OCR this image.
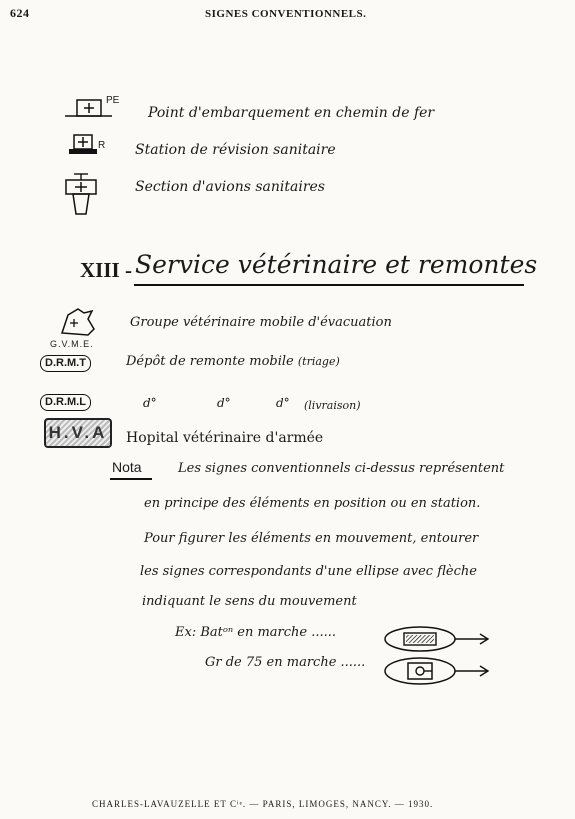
624	SIGNES CONVENTIONNELS.
PE
Point d'embarquement en chemin de fer
R Station de révision sanitaire
Section d'avions sanitaires
XIII - Service vétérinaire et remontes
G.V.M.E.
Groupe vétérinaire mobile d'évacuation
D.R.M.T	Dépôt de remonte mobile (triage)
D.R.M.L	d°	d°	d° (livraison)
H.V.A Hopital vétérinaire d'armée
Nota	Les signes conventionnels ci-dessus représentent
en principe des éléments en position ou en station.
Pour figurer les éléments en mouvement, entourer
les signes correspondants d'une ellipse avec flèche
indiquant le sens du mouvement
Ex: Batᵒⁿ en marche ......
Gr de 75 en marche ......
CHARLES-LAVAUZELLE ET Cⁱᵉ. — PARIS, LIMOGES, NANCY. — 1930.
